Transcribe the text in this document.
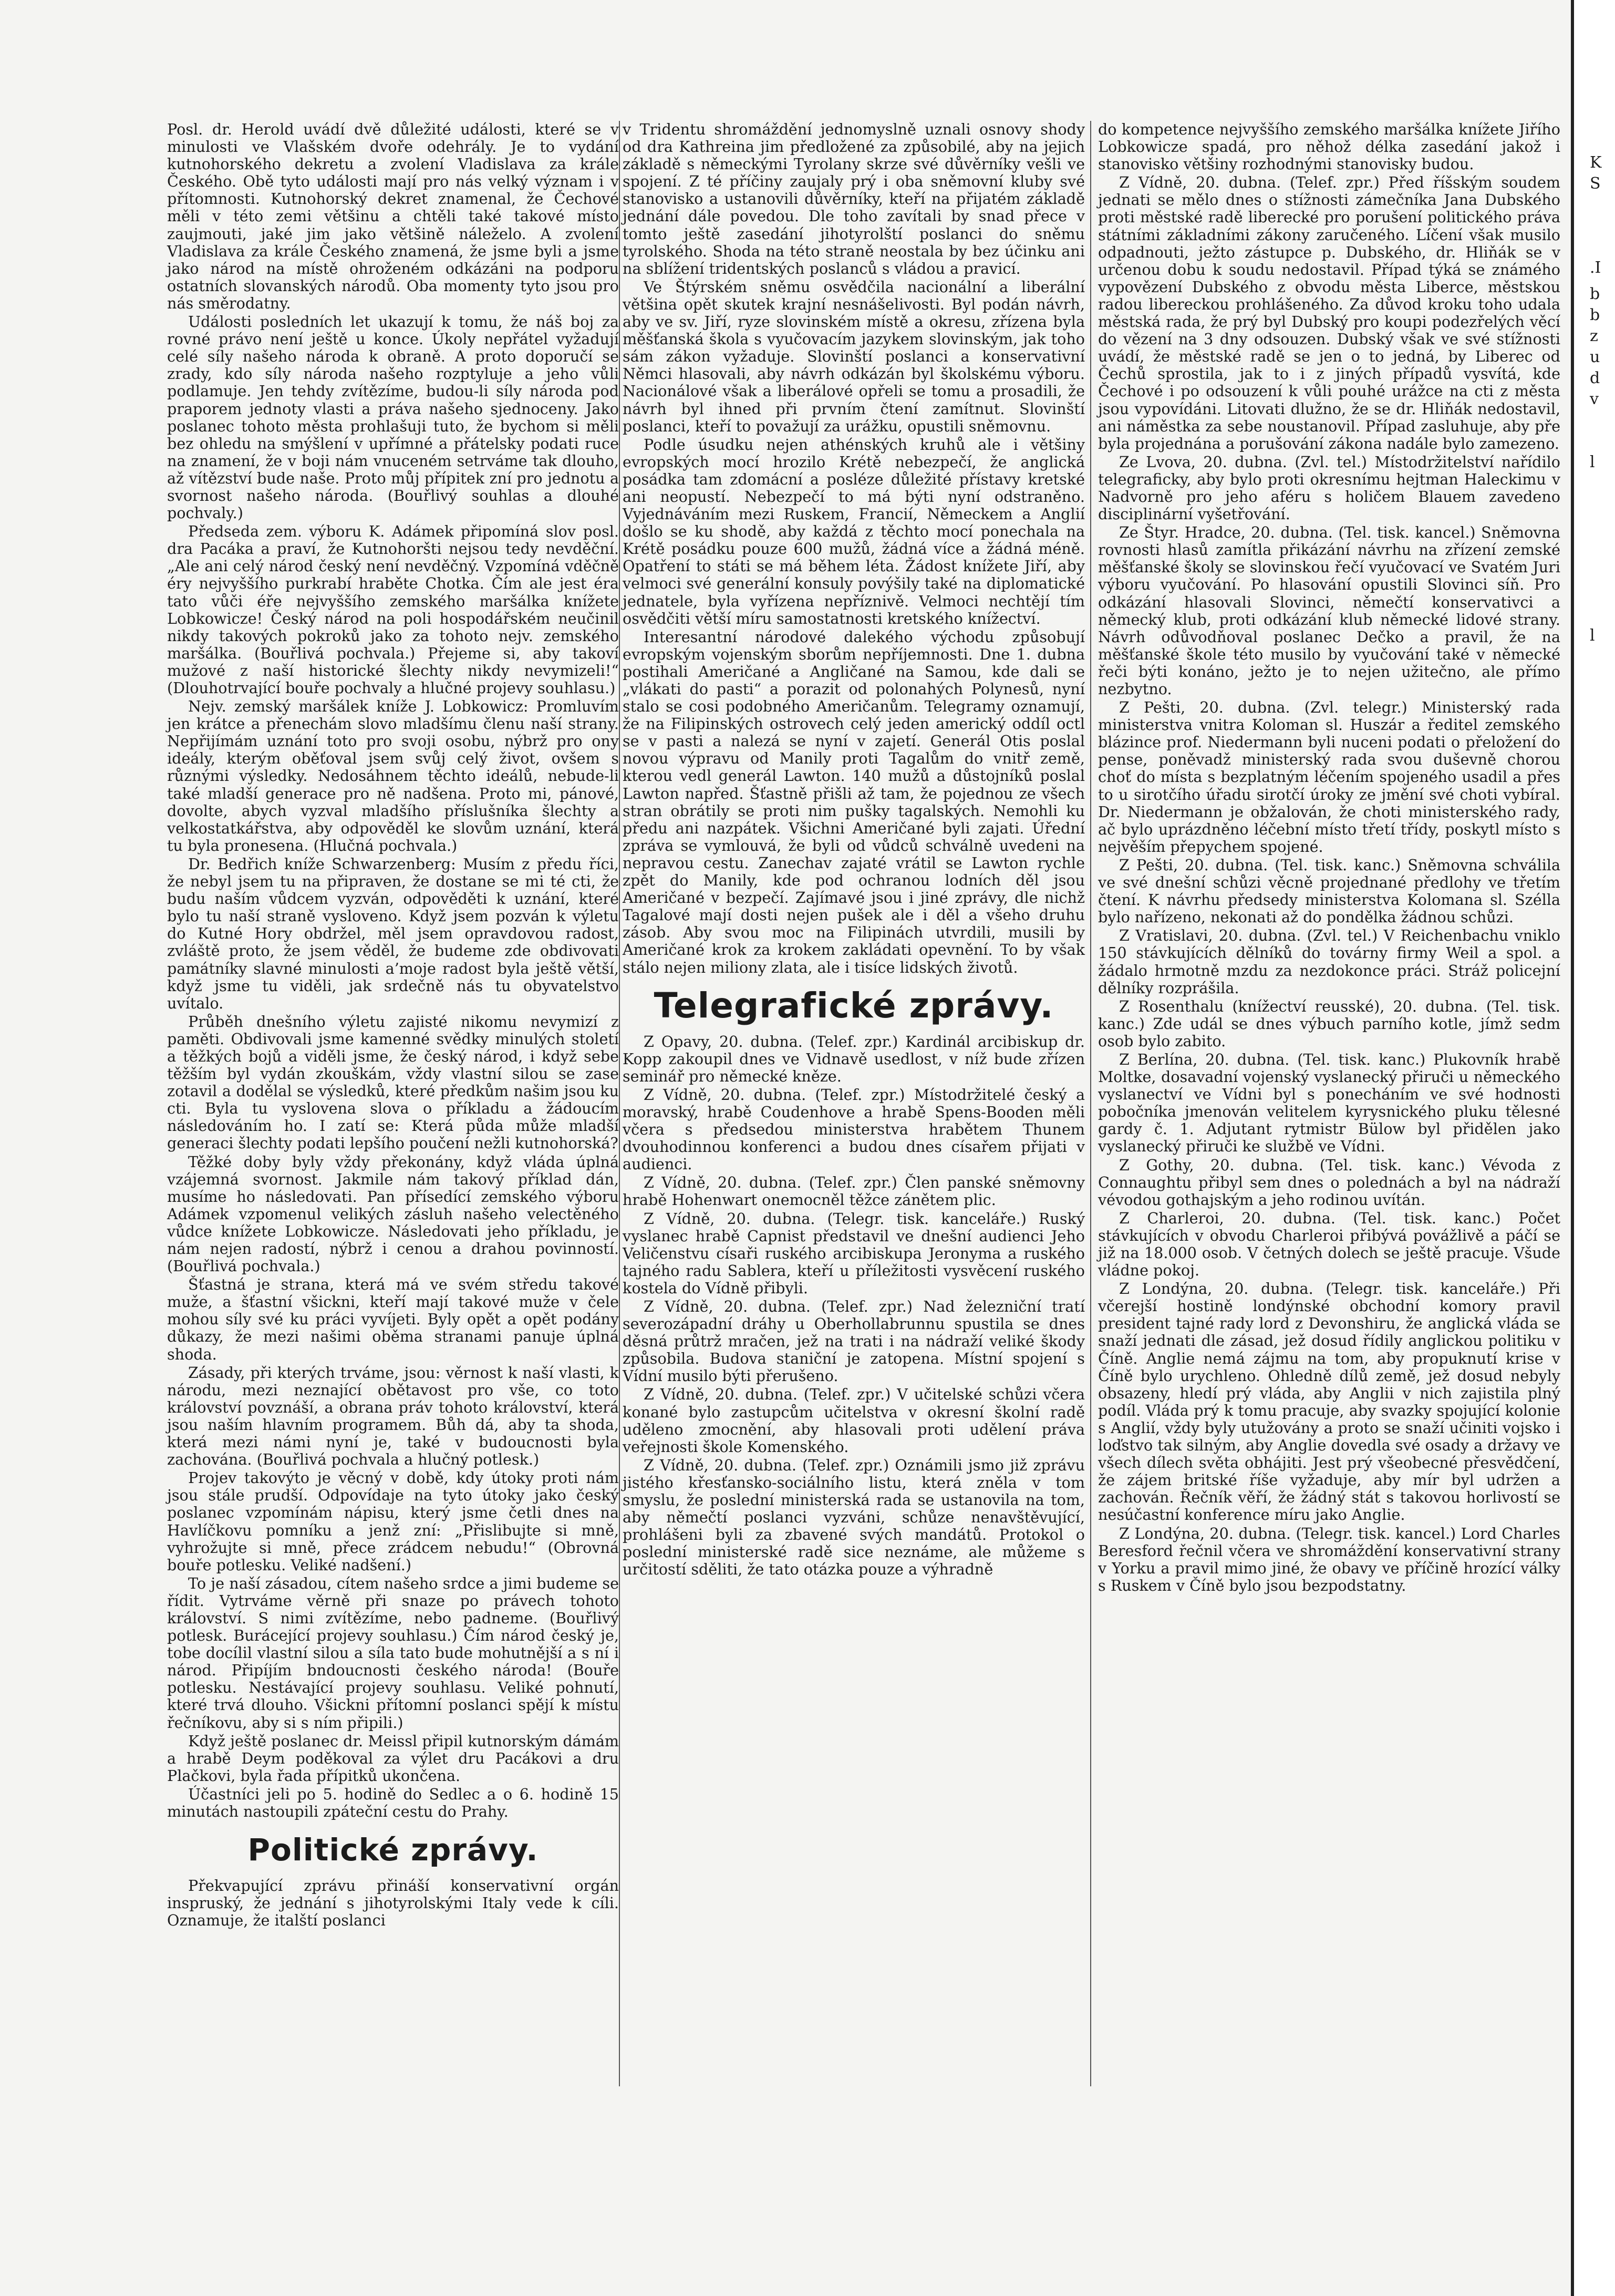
Posl. dr. Herold uvádí dvě důležité události, které se v minulosti ve Vlašském dvoře odehrály. Je to vydání kutnohorského dekretu a zvolení Vladislava za krále Českého. Obě tyto události mají pro nás velký význam i v přítomnosti. Kutnohorský dekret znamenal, že Čechové měli v této zemi většinu a chtěli také takové místo zaujmouti, jaké jim jako většině náleželo. A zvolení Vladislava za krále Českého znamená, že jsme byli a jsme jako národ na místě ohroženém odkázáni na podporu ostatních slovanských národů. Oba momenty tyto jsou pro nás směrodatny.

Události posledních let ukazují k tomu, že náš boj za rovné právo není ještě u konce. Úkoly nepřátel vyžadují celé síly našeho národa k obraně. A proto doporučí se zrady, kdo síly národa našeho rozptyluje a jeho vůli podlamuje. Jen tehdy zvítězíme, budou-li síly národa pod praporem jednoty vlasti a práva našeho sjednoceny. Jako poslanec tohoto města prohlašuji tuto, že bychom si měli bez ohledu na smýšlení v upřímné a přátelsky podati ruce na znamení, že v boji nám vnuceném setrváme tak dlouho, až vítězství bude naše. Proto můj přípitek zní pro jednotu a svornost našeho národa. (Bouřlivý souhlas a dlouhé pochvaly.)

Předseda zem. výboru K. Adámek připomíná slov posl. dra Pacáka a praví, že Kutnohoršti nejsou tedy nevděční. „Ale ani celý národ český není nevděčný. Vzpomíná vděčně éry nejvyššího purkrabí hraběte Chotka. Čím ale jest éra tato vůči éře nejvyššího zemského maršálka knížete Lobkowicze! Český národ na poli hospodářském neučinil nikdy takových pokroků jako za tohoto nejv. zemského maršálka. (Bouřlivá pochvala.) Přejeme si, aby takoví mužové z naší historické šlechty nikdy nevymizeli!“ (Dlouhotrvající bouře pochvaly a hlučné projevy souhlasu.)

Nejv. zemský maršálek kníže J. Lobkowicz: Promluvím jen krátce a přenechám slovo mladšímu členu naší strany. Nepřijímám uznání toto pro svoji osobu, nýbrž pro ony ideály, kterým oběťoval jsem svůj celý život, ovšem s různými výsledky. Nedosáhnem těchto ideálů, nebude-li také mladší generace pro ně nadšena. Proto mi, pánové, dovolte, abych vyzval mladšího příslušníka šlechty a velkostatkářstva, aby odpověděl ke slovům uznání, která tu byla pronesena. (Hlučná pochvala.)

Dr. Bedřich kníže Schwarzenberg: Musím z předu říci, že nebyl jsem tu na připraven, že dostane se mi té cti, že budu naším vůdcem vyzván, odpověděti k uznání, které bylo tu naší straně vysloveno. Když jsem pozván k výletu do Kutné Hory obdržel, měl jsem opravdovou radost, zvláště proto, že jsem věděl, že budeme zde obdivovati památníky slavné minulosti a’moje radost byla ještě větší, když jsme tu viděli, jak srdečně nás tu obyvatelstvo uvítalo.

Průběh dnešního výletu zajisté nikomu nevymizí z paměti. Obdivovali jsme kamenné svědky minulých století a těžkých bojů a viděli jsme, že český národ, i když sebe těžším byl vydán zkouškám, vždy vlastní silou se zase zotavil a dodělal se výsledků, které předkům našim jsou ku cti. Byla tu vyslovena slova o příkladu a žádoucím následováním ho. I zatí se: Která půda může mladší generaci šlechty podati lepšího poučení nežli kutnohorská?

Těžké doby byly vždy překonány, když vláda úplná vzájemná svornost. Jakmile nám takový příklad dán, musíme ho následovati. Pan přísedící zemského výboru Adámek vzpomenul velikých zásluh našeho velectěného vůdce knížete Lobkowicze. Následovati jeho příkladu, je nám nejen radostí, nýbrž i cenou a drahou povinností. (Bouřlivá pochvala.)

Šťastná je strana, která má ve svém středu takové muže, a šťastní všickni, kteří mají takové muže v čele mohou síly své ku práci vyvíjeti. Byly opět a opět podány důkazy, že mezi našimi oběma stranami panuje úplná shoda.

Zásady, při kterých trváme, jsou: věrnost k naší vlasti, k národu, mezi neznající obětavost pro vše, co toto království povznáší, a obrana práv tohoto království, která jsou naším hlavním programem. Bůh dá, aby ta shoda, která mezi námi nyní je, také v budoucnosti byla zachována. (Bouřlivá pochvala a hlučný potlesk.)

Projev takovýto je věcný v době, kdy útoky proti nám jsou stále prudší. Odpovídaje na tyto útoky jako český poslanec vzpomínám nápisu, který jsme četli dnes na Havlíčkovu pomníku a jenž zní: „Přislibujte si mně, vyhrožujte si mně, přece zrádcem nebudu!“ (Obrovná bouře potlesku. Veliké nadšení.)

To je naší zásadou, cítem našeho srdce a jimi budeme se řídit. Vytrváme věrně při snaze po právech tohoto království. S nimi zvítězíme, nebo padneme. (Bouřlivý potlesk. Burácející projevy souhlasu.) Čím národ český je, tobe docílil vlastní silou a síla tato bude mohutnější a s ní i národ. Připíjím bndoucnosti českého národa! (Bouře potlesku. Nestávající projevy souhlasu. Veliké pohnutí, které trvá dlouho. Všickni přítomní poslanci spějí k místu řečníkovu, aby si s ním připili.)

Když ještě poslanec dr. Meissl připil kutnorským dámám a hrabě Deym poděkoval za výlet dru Pacákovi a dru Plačkovi, byla řada přípitků ukončena.

Účastníci jeli po 5. hodině do Sedlec a o 6. hodině 15 minutách nastoupili zpáteční cestu do Prahy.

Politické zprávy.

Překvapující zprávu přináší konservativní orgán inspruský, že jednání s jihotyrolskými Italy vede k cíli. Oznamuje, že italští poslanci

v Tridentu shromáždění jednomyslně uznali osnovy shody od dra Kathreina jim předložené za způsobilé, aby na jejich základě s německými Tyrolany skrze své důvěrníky vešli ve spojení. Z té příčiny zaujaly prý i oba sněmovní kluby své stanovisko a ustanovili důvěrníky, kteří na přijatém základě jednání dále povedou. Dle toho zavítali by snad přece v tomto ještě zasedání jihotyrolští poslanci do sněmu tyrolského. Shoda na této straně neostala by bez účinku ani na sblížení tridentských poslanců s vládou a pravicí.

Ve Štýrském sněmu osvědčila nacionální a liberální většina opět skutek krajní nesnášelivosti. Byl podán návrh, aby ve sv. Jiří, ryze slovinském místě a okresu, zřízena byla měšťanská škola s vyučovacím jazykem slovinským, jak toho sám zákon vyžaduje. Slovinští poslanci a konservativní Němci hlasovali, aby návrh odkázán byl školskému výboru. Nacionálové však a liberálové opřeli se tomu a prosadili, že návrh byl ihned při prvním čtení zamítnut. Slovinští poslanci, kteří to považují za urážku, opustili sněmovnu.

Podle úsudku nejen athénských kruhů ale i většiny evropských mocí hrozilo Krétě nebezpečí, že anglická posádka tam zdomácní a posléze důležité přístavy kretské ani neopustí. Nebezpečí to má býti nyní odstraněno. Vyjednáváním mezi Ruskem, Francií, Německem a Anglií došlo se ku shodě, aby každá z těchto mocí ponechala na Krétě posádku pouze 600 mužů, žádná více a žádná méně. Opatření to státi se má během léta. Žádost knížete Jiří, aby velmoci své generální konsuly povýšily také na diplomatické jednatele, byla vyřízena nepříznivě. Velmoci nechtějí tím osvědčiti větší míru samostatnosti kretského knížectví.

Interesantní národové dalekého východu způsobují evropským vojenským sborům nepříjemnosti. Dne 1. dubna postihali Američané a Angličané na Samou, kde dali se „vlákati do pasti“ a porazit od polonahých Polynesů, nyní stalo se cosi podobného Američanům. Telegramy oznamují, že na Filipinských ostrovech celý jeden americký oddíl octl se v pasti a nalezá se nyní v zajetí. Generál Otis poslal novou výpravu od Manily proti Tagalům do vnitř země, kterou vedl generál Lawton. 140 mužů a důstojníků poslal Lawton napřed. Šťastně přišli až tam, že pojednou ze všech stran obrátily se proti nim pušky tagalských. Nemohli ku předu ani nazpátek. Všichni Američané byli zajati. Úřední zpráva se vymlouvá, že byli od vůdců schválně uvedeni na nepravou cestu. Zanechav zajaté vrátil se Lawton rychle zpět do Manily, kde pod ochranou lodních děl jsou Američané v bezpečí. Zajímavé jsou i jiné zprávy, dle nichž Tagalové mají dosti nejen pušek ale i děl a všeho druhu zásob. Aby svou moc na Filipinách utvrdili, musili by Američané krok za krokem zakládati opevnění. To by však stálo nejen miliony zlata, ale i tisíce lidských životů.

Telegrafické zprávy.

Z Opavy, 20. dubna. (Telef. zpr.) Kardinál arcibiskup dr. Kopp zakoupil dnes ve Vidnavě usedlost, v níž bude zřízen seminář pro německé kněze.

Z Vídně, 20. dubna. (Telef. zpr.) Místodržitelé český a moravský, hrabě Coudenhove a hrabě Spens-Booden měli včera s předsedou ministerstva hrabětem Thunem dvouhodinnou konferenci a budou dnes císařem přijati v audienci.

Z Vídně, 20. dubna. (Telef. zpr.) Člen panské sněmovny hrabě Hohenwart onemocněl těžce zánětem plic.

Z Vídně, 20. dubna. (Telegr. tisk. kanceláře.) Ruský vyslanec hrabě Capnist představil ve dnešní audienci Jeho Veličenstvu císaři ruského arcibiskupa Jeronyma a ruského tajného radu Sablera, kteří u příležitosti vysvěcení ruského kostela do Vídně přibyli.

Z Vídně, 20. dubna. (Telef. zpr.) Nad železniční tratí severozápadní dráhy u Oberhollabrunnu spustila se dnes děsná průtrž mračen, jež na trati i na nádraží veliké škody způsobila. Budova staniční je zatopena. Místní spojení s Vídní musilo býti přerušeno.

Z Vídně, 20. dubna. (Telef. zpr.) V učitelské schůzi včera konané bylo zastupcům učitelstva v okresní školní radě uděleno zmocnění, aby hlasovali proti udělení práva veřejnosti škole Komenského.

Z Vídně, 20. dubna. (Telef. zpr.) Oznámili jsmo již zprávu jistého křesťansko-sociálního listu, která zněla v tom smyslu, že poslední ministerská rada se ustanovila na tom, aby němečtí poslanci vyzváni, schůze nenavštěvující, prohlášeni byli za zbavené svých mandátů. Protokol o poslední ministerské radě sice neznáme, ale můžeme s určitostí sděliti, že tato otázka pouze a výhradně

do kompetence nejvyššího zemského maršálka knížete Jiřího Lobkowicze spadá, pro něhož délka zasedání jakož i stanovisko většiny rozhodnými stanovisky budou.

Z Vídně, 20. dubna. (Telef. zpr.) Před říšským soudem jednati se mělo dnes o stížnosti zámečníka Jana Dubského proti městské radě liberecké pro porušení politického práva státními základními zákony zaručeného. Líčení však musilo odpadnouti, ježto zástupce p. Dubského, dr. Hliňák se v určenou dobu k soudu nedostavil. Případ týká se známého vypovězení Dubského z obvodu města Liberce, městskou radou libereckou prohlášeného. Za důvod kroku toho udala městská rada, že prý byl Dubský pro koupi podezřelých věcí do vězení na 3 dny odsouzen. Dubský však ve své stížnosti uvádí, že městské radě se jen o to jedná, by Liberec od Čechů sprostila, jak to i z jiných případů vysvítá, kde Čechové i po odsouzení k vůli pouhé urážce na cti z města jsou vypovídáni. Litovati dlužno, že se dr. Hliňák nedostavil, ani náměstka za sebe noustanovil. Případ zasluhuje, aby pře byla projednána a porušování zákona nadále bylo zamezeno.

Ze Lvova, 20. dubna. (Zvl. tel.) Místodržitelství nařídilo telegraficky, aby bylo proti okresnímu hejtman Haleckimu v Nadvorně pro jeho aféru s holičem Blauem zavedeno disciplinární vyšetřování.

Ze Štyr. Hradce, 20. dubna. (Tel. tisk. kancel.) Sněmovna rovnosti hlasů zamítla přikázání návrhu na zřízení zemské měšťanské školy se slovinskou řečí vyučovací ve Svatém Juri výboru vyučování. Po hlasování opustili Slovinci síň. Pro odkázání hlasovali Slovinci, němečtí konservativci a německý klub, proti odkázání klub německé lidové strany. Návrh odůvodňoval poslanec Dečko a pravil, že na měšťanské škole této musilo by vyučování také v německé řeči býti konáno, ježto je to nejen užitečno, ale přímo nezbytno.

Z Pešti, 20. dubna. (Zvl. telegr.) Ministerský rada ministerstva vnitra Koloman sl. Huszár a ředitel zemského blázince prof. Niedermann byli nuceni podati o přeložení do pense, poněvadž ministerský rada svou duševně chorou choť do místa s bezplatným léčením spojeného usadil a přes to u sirotčího úřadu sirotčí úroky ze jmění své choti vybíral. Dr. Niedermann je obžalován, že choti ministerského rady, ač bylo uprázdněno léčební místo třetí třídy, poskytl místo s nejvěším přepychem spojené.

Z Pešti, 20. dubna. (Tel. tisk. kanc.) Sněmovna schválila ve své dnešní schůzi věcně projednané předlohy ve třetím čtení. K návrhu předsedy ministerstva Kolomana sl. Szélla bylo nařízeno, nekonati až do pondělka žádnou schůzi.

Z Vratislavi, 20. dubna. (Zvl. tel.) V Reichenbachu vniklo 150 stávkujících dělníků do továrny firmy Weil a spol. a žádalo hrmotně mzdu za nezdokonce práci. Stráž policejní dělníky rozprášila.

Z Rosenthalu (knížectví reusské), 20. dubna. (Tel. tisk. kanc.) Zde udál se dnes výbuch parního kotle, jímž sedm osob bylo zabito.

Z Berlína, 20. dubna. (Tel. tisk. kanc.) Plukovník hrabě Moltke, dosavadní vojenský vyslanecký přiruči u německého vyslanectví ve Vídni byl s ponecháním ve své hodnosti pobočníka jmenován velitelem kyrysnického pluku tělesné gardy č. 1. Adjutant rytmistr Bülow byl přidělen jako vyslanecký přiruči ke službě ve Vídni.

Z Gothy, 20. dubna. (Tel. tisk. kanc.) Vévoda z Connaughtu přibyl sem dnes o polednách a byl na nádraží vévodou gothajským a jeho rodinou uvítán.

Z Charleroi, 20. dubna. (Tel. tisk. kanc.) Počet stávkujících v obvodu Charleroi přibývá povážlivě a páčí se již na 18.000 osob. V četných dolech se ještě pracuje. Všude vládne pokoj.

Z Londýna, 20. dubna. (Telegr. tisk. kanceláře.) Při včerejší hostině londýnské obchodní komory pravil president tajné rady lord z Devonshiru, že anglická vláda se snaží jednati dle zásad, jež dosud řídily anglickou politiku v Číně. Anglie nemá zájmu na tom, aby propuknutí krise v Číně bylo urychleno. Ohledně dílů země, jež dosud nebyly obsazeny, hledí prý vláda, aby Anglii v nich zajistila plný podíl. Vláda prý k tomu pracuje, aby svazky spojující kolonie s Anglií, vždy byly utužovány a proto se snaží učiniti vojsko i loďstvo tak silným, aby Anglie dovedla své osady a državy ve všech dílech světa obhájiti. Jest prý všeobecné přesvědčení, že zájem britské říše vyžaduje, aby mír byl udržen a zachován. Řečník věří, že žádný stát s takovou horlivostí se nesúčastní konference míru jako Anglie.

Z Londýna, 20. dubna. (Telegr. tisk. kancel.) Lord Charles Beresford řečnil včera ve shromáždění konservativní strany v Yorku a pravil mimo jiné, že obavy ve příčině hrozící války s Ruskem v Číně bylo jsou bezpodstatny.

K
S
.I
b
b
z
u
d
v
l
l
